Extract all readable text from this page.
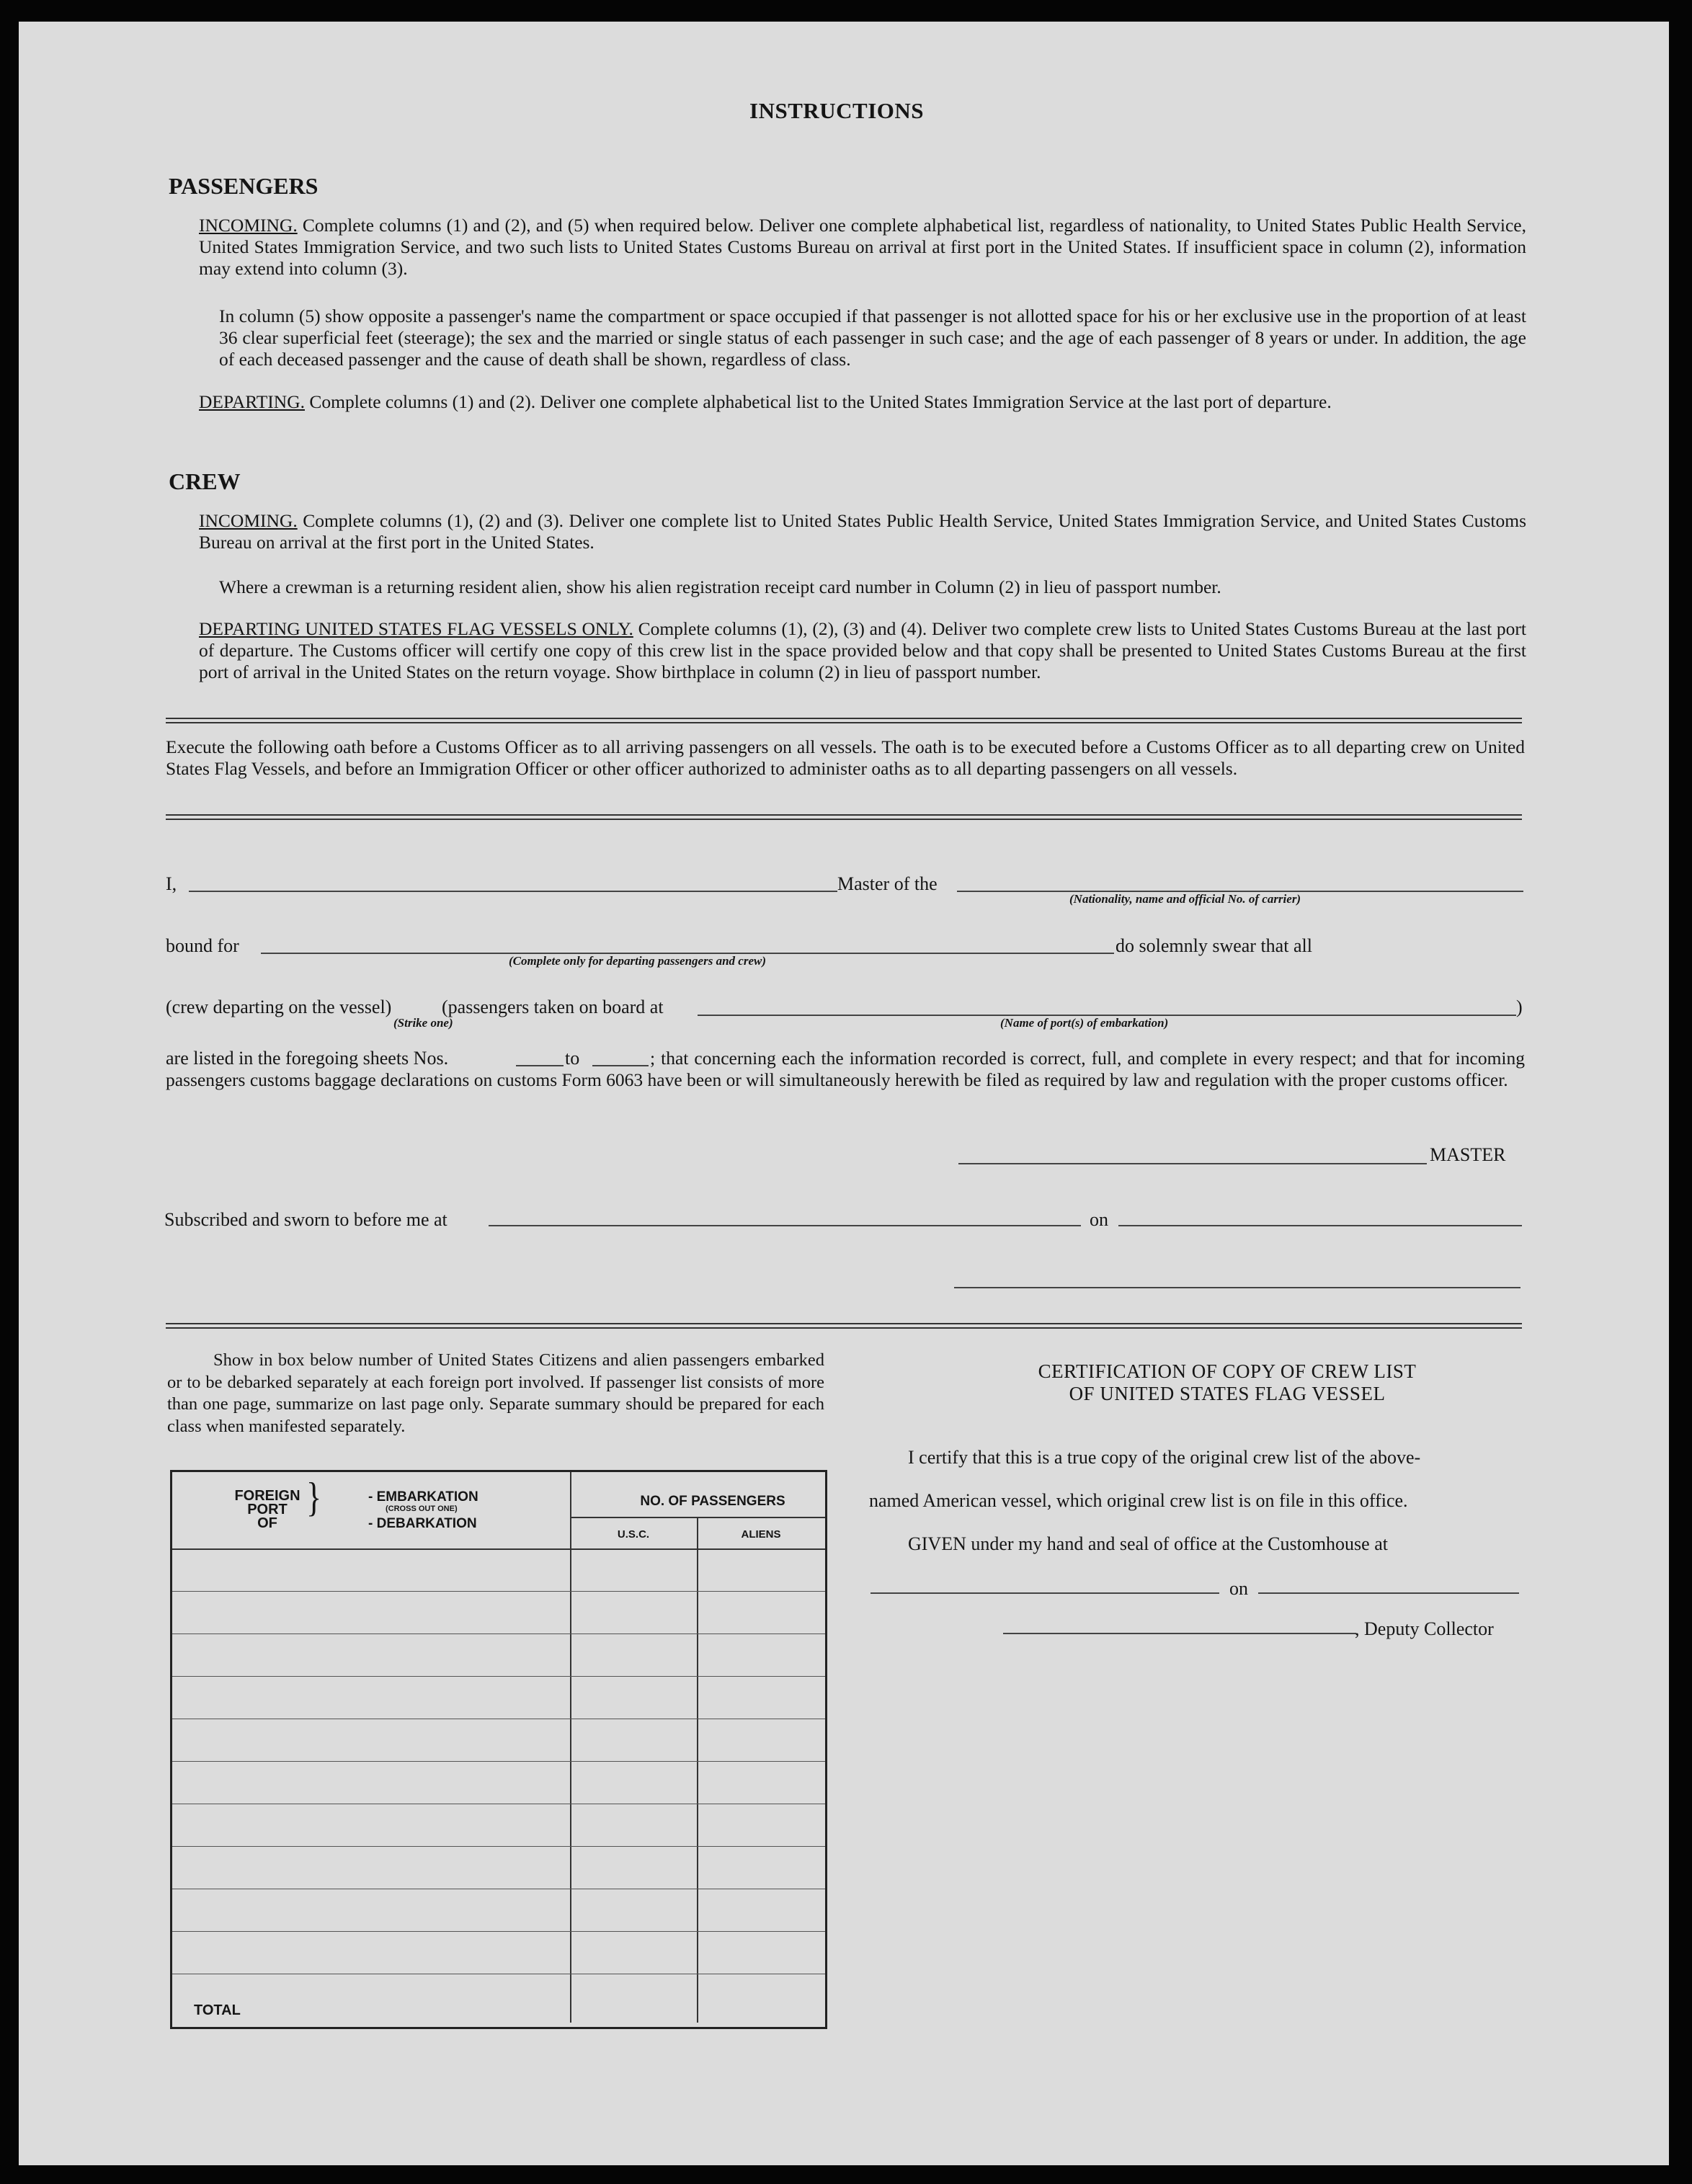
INSTRUCTIONS
PASSENGERS
INCOMING. Complete columns (1) and (2), and (5) when required below. Deliver one complete alphabetical list, regardless of nationality, to United States Public Health Service, United States Immigration Service, and two such lists to United States Customs Bureau on arrival at first port in the United States. If insufficient space in column (2), information may extend into column (3).
In column (5) show opposite a passenger's name the compartment or space occupied if that passenger is not allotted space for his or her exclusive use in the proportion of at least 36 clear superficial feet (steerage); the sex and the married or single status of each passenger in such case; and the age of each passenger of 8 years or under. In addition, the age of each deceased passenger and the cause of death shall be shown, regardless of class.
DEPARTING. Complete columns (1) and (2). Deliver one complete alphabetical list to the United States Immigration Service at the last port of departure.
CREW
INCOMING. Complete columns (1), (2) and (3). Deliver one complete list to United States Public Health Service, United States Immigration Service, and United States Customs Bureau on arrival at the first port in the United States.
Where a crewman is a returning resident alien, show his alien registration receipt card number in Column (2) in lieu of passport number.
DEPARTING UNITED STATES FLAG VESSELS ONLY. Complete columns (1), (2), (3) and (4). Deliver two complete crew lists to United States Customs Bureau at the last port of departure. The Customs officer will certify one copy of this crew list in the space provided below and that copy shall be presented to United States Customs Bureau at the first port of arrival in the United States on the return voyage. Show birthplace in column (2) in lieu of passport number.
Execute the following oath before a Customs Officer as to all arriving passengers on all vessels. The oath is to be executed before a Customs Officer as to all departing crew on United States Flag Vessels, and before an Immigration Officer or other officer authorized to administer oaths as to all departing passengers on all vessels.
I,	Master of the
(Nationality, name and official No. of carrier)
bound for	do solemnly swear that all
(Complete only for departing passengers and crew)
(crew departing on the vessel)	(passengers taken on board at	)
(Strike one)	(Name of port(s) of embarkation)
are listed in the foregoing sheets Nos.	to	; that concerning each the information recorded is correct, full, and complete in every respect; and that for incoming passengers customs baggage declarations on customs Form 6063 have been or will simultaneously herewith be filed as required by law and regulation with the proper customs officer.
MASTER
Subscribed and sworn to before me at	on
Show in box below number of United States Citizens and alien passengers embarked or to be debarked separately at each foreign port involved. If passenger list consists of more than one page, summarize on last page only. Separate summary should be prepared for each class when manifested separately.
FOREIGN
PORT
OF
}	- EMBARKATION
(CROSS OUT ONE)
- DEBARKATION
NO. OF PASSENGERS
U.S.C.	ALIENS
TOTAL
CERTIFICATION OF COPY OF CREW LIST
OF UNITED STATES FLAG VESSEL
I certify that this is a true copy of the original crew list of the above-
named American vessel, which original crew list is on file in this office.
GIVEN under my hand and seal of office at the Customhouse at
on
, Deputy Collector
